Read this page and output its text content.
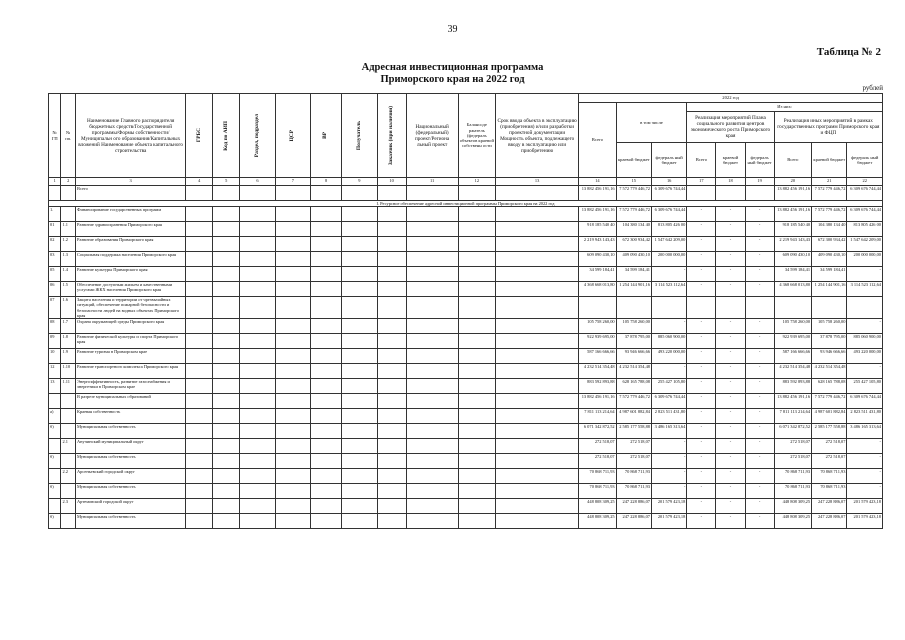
39
Таблица № 2
Адресная инвестиционная программа
Приморского края на 2022 год
рублей
№ ГП	№ пп.	Наименование Главного распорядителя бюджетных средств/Государственной программы/Формы собственности/Муниципальн ого образования/Капитальных вложений Наименование объекта капитального строительства	ГРБС	Код по АИП	Раздел, подраздел	ЦСР	ВР	Получатель	Заказчик (при наличии)	Национальный (федеральный) проект/Региона льный проект	Балансоде ржатель (федераль объектов краевой собственн ости	Срок ввода объекта в эксплуатацию (приобретения) и/или разработки проектной документации Мощность объекта, подлежащего вводу в эксплуатацию или приобретению	2022 год								
													Всего	в том числе		Из них:					
																Реализация мероприятий Плана социального развития центров экономического роста Приморского края			Реализация иных мероприятий в рамках государственных программ Приморского края и ФЦП		
														краевой бюджет	федераль ный бюджет	Всего	краевой бюджет	федераль ный бюджет	Всего	краевой бюджет	федераль ный бюджет
1	2	3	4	5	6	7	8	9	10	11	12	13	14	15	16	17	18	19	20	21	22
		Всего											13 882 456 191,16	7 572 779 446,72	6 309 676 744,44				13 882 456 191,16	7 572 779 446,72	6 309 676 744,44
I. Ресурсное обеспечение адресной инвестиционной программы Приморского края на 2022 год																					
1.		Финансирование государственных программ											13 882 456 191,16	7 572 779 446,72	6 309 676 744,44	-	-	-	13 882 456 191,16	7 572 779 446,72	6 309 676 744,44
01	1.1	Развитие здравоохранения Приморского края											918 185 540 40	104 380 134 40	813 805 426 00	-	-	-	918 185 540 40	104 380 134 40	813 805 426 00
02	1.2	Развитие образования Приморского края											2 219 943 143,43	672 300 934,42	1 547 642 209,00	-	-	-	2 219 943 143,43	672 300 934,42	1 547 642 209,00
03	1.3	Социальная поддержка населения Приморского края											609 090 430,10	409 090 430,10	200 000 000,00	-	-	-	609 090 430,10	409 090 430,10	200 000 000,00
05	1.4	Развитие культуры Приморского края											34 599 184,41	34 599 184,41	-	-	-	-	34 599 184,41	34 599 184,41	-
06	1.5	Обеспечение доступным жильем и качественными услугами ЖКХ населения Приморского края											4 368 668 013,80	1 254 144 901,16	3 114 523 112,64	-	-	-	4 368 668 013,80	1 254 144 901,16	3 114 523 112,64
07	1.6	Защита населения и территории от чрезвычайных ситуаций, обеспечение пожарной безопасности и безопасности людей на водных объектах Приморского края																			
08	1.7	Охрана окружающей среды Приморского края											105 758 260,00	105 758 260,00	-	-	-	-	105 758 260,00	105 758 260,00	-
09	1.8	Развитие физической культуры и спорта Приморского края											922 939 695,00	37 878 795,00	885 060 900,00	-	-	-	922 939 695,00	37 878 795,00	885 060 900,00
10	1.9	Развитие туризма в Приморском крае											587 166 666,66	93 946 666,66	493 220 000,00	-	-	-	587 166 666,66	93 946 666,66	493 220 000,00
12	1.10	Развитие транспортного комплекса Приморского края											4 232 514 354,48	4 232 514 354,48	-	-	-	-	4 232 514 354,48	4 232 514 354,48	-
13	1.11	Энергоэффективность, развитие газоснабжения и энергетики в Приморском крае											883 592 893,88	628 165 788,08	255 427 105,80	-	-	-	883 592 893,88	628 165 788,08	255 427 105,80
		В разрезе муниципальных образований											13 882 456 191,16	7 572 779 446,72	6 309 676 744,44	-	-	-	13 882 456 191,16	7 572 779 446,72	6 309 676 744,44
а)		Краевая собственность											7 811 113 214,64	4 987 601 882,84	2 823 511 431,80	-	-	-	7 811 113 214,64	4 987 601 882,84	2 823 511 431,80
б)		Муниципальная собственность											6 071 342 872,52	2 585 177 558,88	3 486 165 313,64	-	-	-	6 071 342 872,52	2 585 177 558,88	3 486 165 313,64
	2.1	Анучинский муниципальный округ											272 518,07	272 518,07	-	-	-	-	272 518,07	272 518,07	-
б)		Муниципальная собственность											272 518,07	272 518,07	-	-	-	-	272 518,07	272 518,07	-
	2.2	Арсеньевский городской округ											70 868 711,93	70 868 711,93	-	-	-	-	70 868 711,93	70 868 711,93	-
б)		Муниципальная собственность											70 868 711,93	70 868 711,93	-	-	-	-	70 868 711,93	70 868 711,93	-
	2.3	Артемовский городской округ											448 808 309,25	247 228 886,07	201 579 423,18	-	-	-	448 808 309,25	247 228 886,07	201 579 423,18
б)		Муниципальная собственность											448 808 309,25	247 228 886,07	201 579 423,18	-	-	-	448 808 309,25	247 228 886,07	201 579 423,18
